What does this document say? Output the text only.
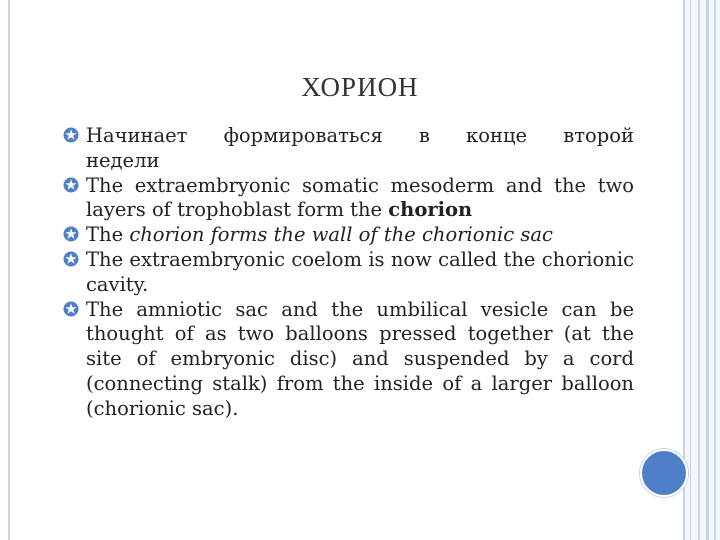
ХОРИОН
Начинает формироваться в конце второй
недели
The extraembryonic somatic mesoderm and the two layers of trophoblast form the chorion
The chorion forms the wall of the chorionic sac
The extraembryonic coelom is now called the chorionic cavity.
The amniotic sac and the umbilical vesicle can be thought of as two balloons pressed together (at the site of embryonic disc) and suspended by a cord (connecting stalk) from the inside of a larger balloon (chorionic sac).
